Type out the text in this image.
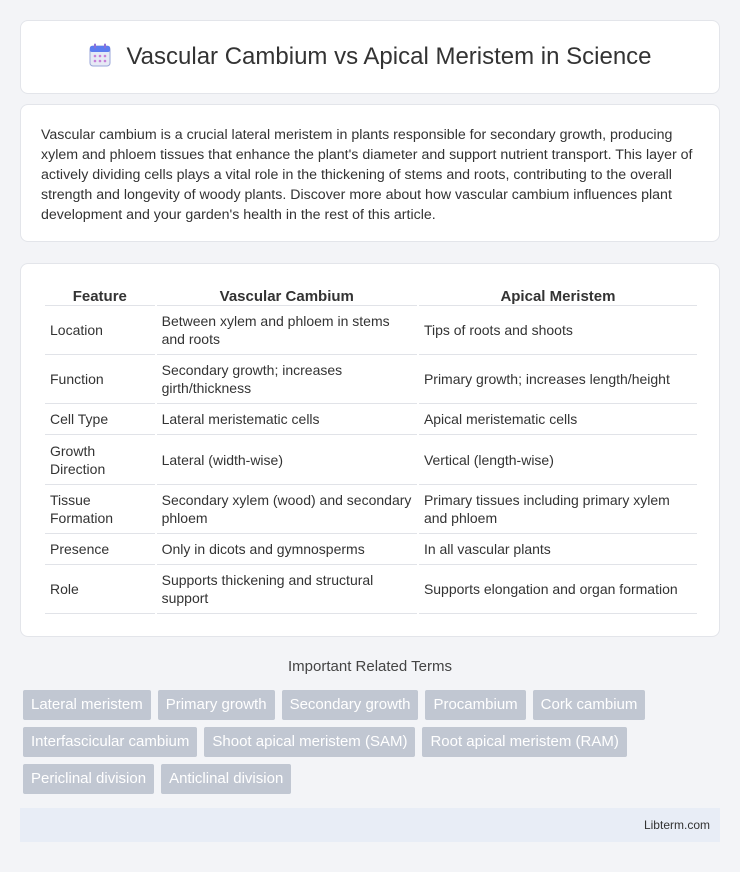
Vascular Cambium vs Apical Meristem in Science

Vascular cambium is a crucial lateral meristem in plants responsible for secondary growth, producing xylem and phloem tissues that enhance the plant's diameter and support nutrient transport. This layer of actively dividing cells plays a vital role in the thickening of stems and roots, contributing to the overall strength and longevity of woody plants. Discover more about how vascular cambium influences plant development and your garden's health in the rest of this article.

Feature	Vascular Cambium	Apical Meristem
Location	Between xylem and phloem in stems and roots	Tips of roots and shoots
Function	Secondary growth; increases girth/thickness	Primary growth; increases length/height
Cell Type	Lateral meristematic cells	Apical meristematic cells
Growth Direction	Lateral (width-wise)	Vertical (length-wise)
Tissue Formation	Secondary xylem (wood) and secondary phloem	Primary tissues including primary xylem and phloem
Presence	Only in dicots and gymnosperms	In all vascular plants
Role	Supports thickening and structural support	Supports elongation and organ formation
Important Related Terms
Lateral meristem	Primary growth	Secondary growth	Procambium	Cork cambium
Interfascicular cambium	Shoot apical meristem (SAM)	Root apical meristem (RAM)
Periclinal division	Anticlinal division
Libterm.com
